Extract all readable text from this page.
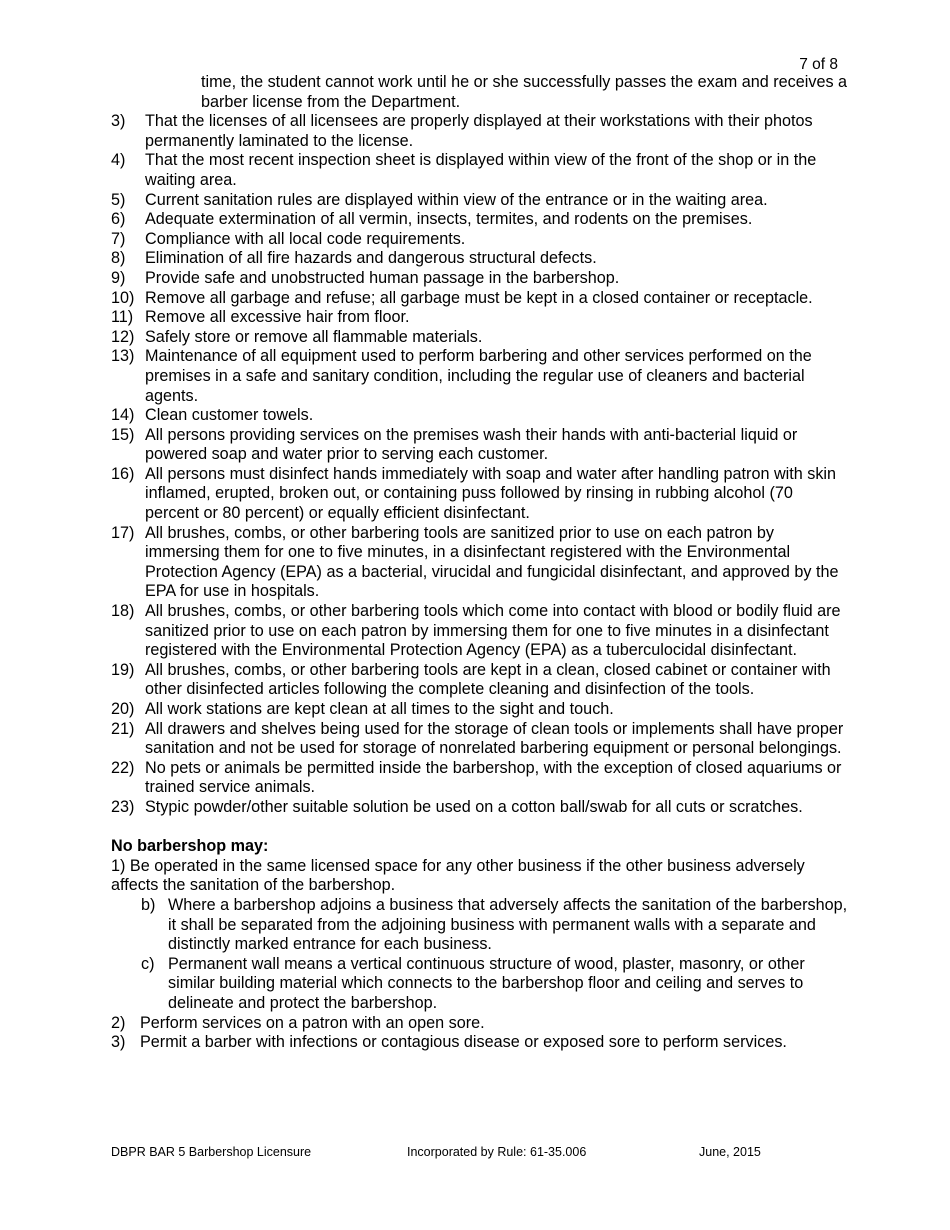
7 of 8
time, the student cannot work until he or she successfully passes the exam and receives a barber license from the Department.
3)	That the licenses of all licensees are properly displayed at their workstations with their photos permanently laminated to the license.
4)	That the most recent inspection sheet is displayed within view of the front of the shop or in the waiting area.
5)	Current sanitation rules are displayed within view of the entrance or in the waiting area.
6)	Adequate extermination of all vermin, insects, termites, and rodents on the premises.
7)	Compliance with all local code requirements.
8)	Elimination of all fire hazards and dangerous structural defects.
9)	Provide safe and unobstructed human passage in the barbershop.
10) Remove all garbage and refuse; all garbage must be kept in a closed container or receptacle.
11) Remove all excessive hair from floor.
12) Safely store or remove all flammable materials.
13) Maintenance of all equipment used to perform barbering and other services performed on the premises in a safe and sanitary condition, including the regular use of cleaners and bacterial agents.
14) Clean customer towels.
15) All persons providing services on the premises wash their hands with anti-bacterial liquid or powered soap and water prior to serving each customer.
16) All persons must disinfect hands immediately with soap and water after handling patron with skin inflamed, erupted, broken out, or containing puss followed by rinsing in rubbing alcohol (70 percent or 80 percent) or equally efficient disinfectant.
17) All brushes, combs, or other barbering tools are sanitized prior to use on each patron by immersing them for one to five minutes, in a disinfectant registered with the Environmental Protection Agency (EPA) as a bacterial, virucidal and fungicidal disinfectant, and approved by the EPA for use in hospitals.
18) All brushes, combs, or other barbering tools which come into contact with blood or bodily fluid are sanitized prior to use on each patron by immersing them for one to five minutes in a disinfectant registered with the Environmental Protection Agency (EPA) as a tuberculocidal disinfectant.
19) All brushes, combs, or other barbering tools are kept in a clean, closed cabinet or container with other disinfected articles following the complete cleaning and disinfection of the tools.
20) All work stations are kept clean at all times to the sight and touch.
21) All drawers and shelves being used for the storage of clean tools or implements shall have proper sanitation and not be used for storage of nonrelated barbering equipment or personal belongings.
22) No pets or animals be permitted inside the barbershop, with the exception of closed aquariums or trained service animals.
23) Stypic powder/other suitable solution be used on a cotton ball/swab for all cuts or scratches.
No barbershop may:
1) Be operated in the same licensed space for any other business if the other business adversely affects the sanitation of the barbershop.
b) Where a barbershop adjoins a business that adversely affects the sanitation of the barbershop, it shall be separated from the adjoining business with permanent walls with a separate and distinctly marked entrance for each business.
c) Permanent wall means a vertical continuous structure of wood, plaster, masonry, or other similar building material which connects to the barbershop floor and ceiling and serves to delineate and protect the barbershop.
2) Perform services on a patron with an open sore.
3) Permit a barber with infections or contagious disease or exposed sore to perform services.
DBPR BAR 5 Barbershop Licensure	Incorporated by Rule: 61-35.006	June, 2015
